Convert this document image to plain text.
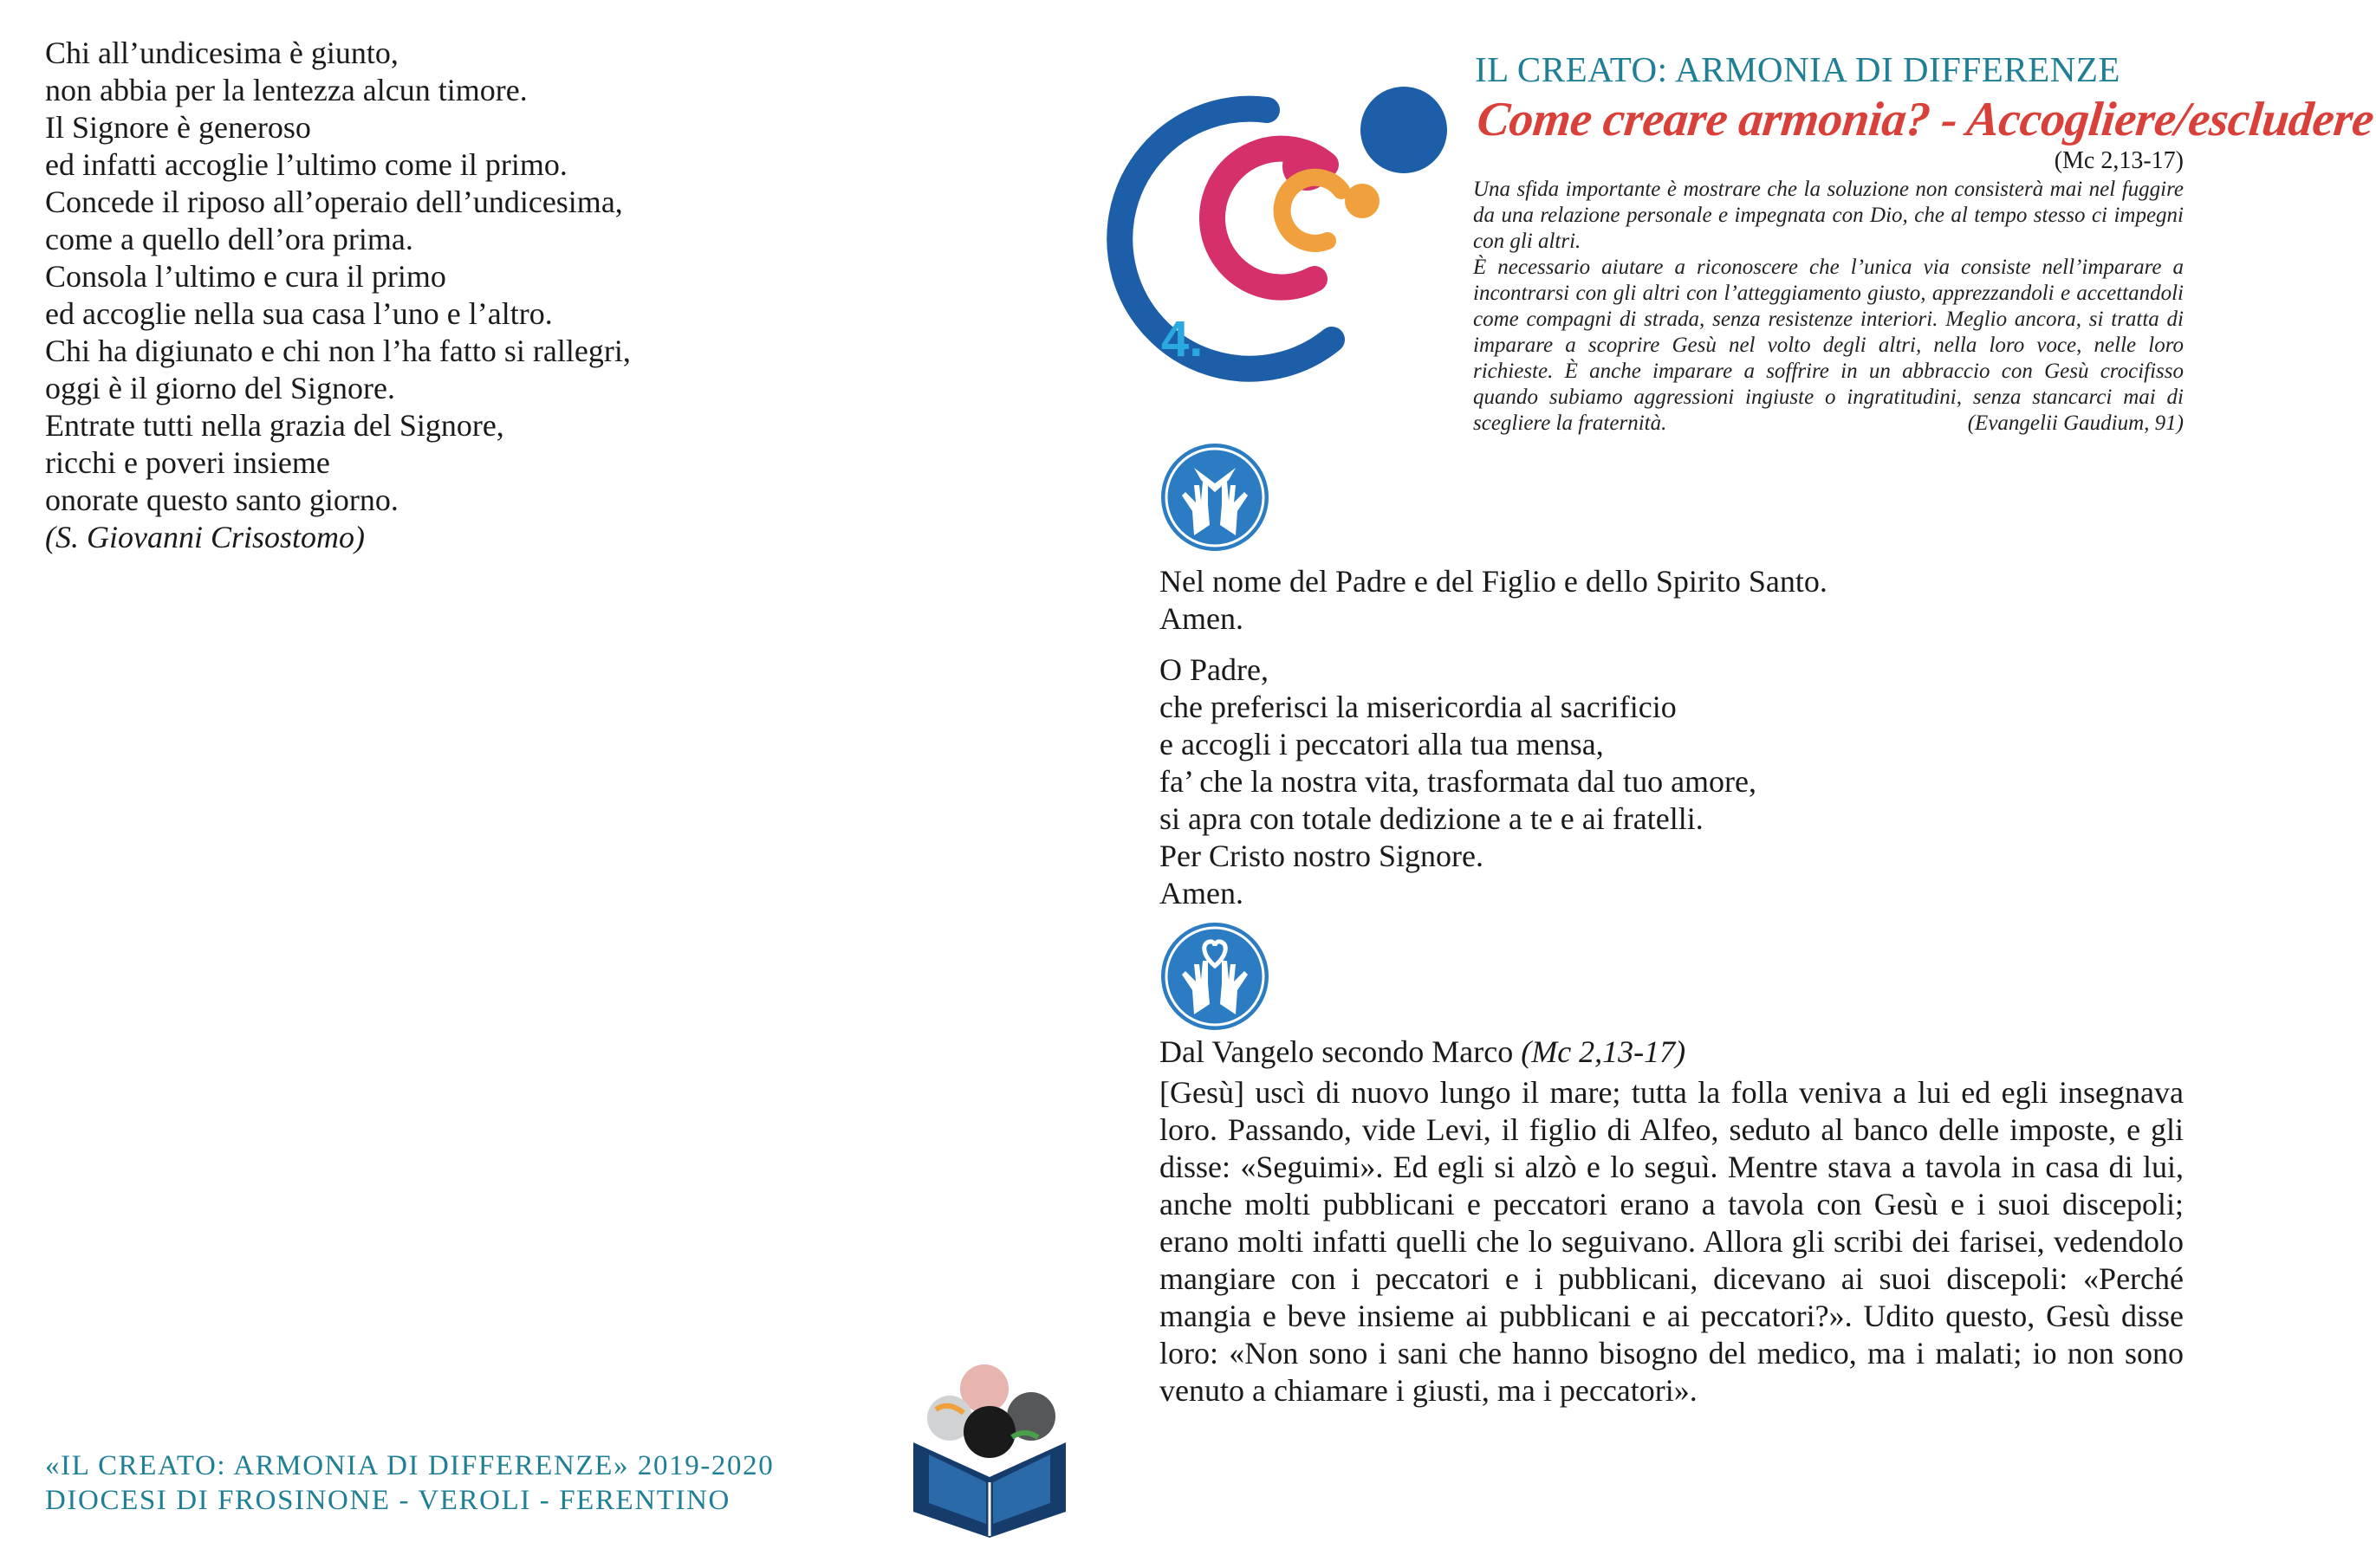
Chi all’undicesima è giunto,
non abbia per la lentezza alcun timore.
Il Signore è generoso
ed infatti accoglie l’ultimo come il primo.
Concede il riposo all’operaio dell’undicesima,
come a quello dell’ora prima.
Consola l’ultimo e cura il primo
ed accoglie nella sua casa l’uno e l’altro.
Chi ha digiunato e chi non l’ha fatto si rallegri,
oggi è il giorno del Signore.
Entrate tutti nella grazia del Signore,
ricchi e poveri insieme
onorate questo santo giorno.
(S. Giovanni Crisostomo)
«IL CREATO: ARMONIA DI DIFFERENZE» 2019-2020
DIOCESI DI FROSINONE - VEROLI - FERENTINO
4.
IL CREATO: ARMONIA DI DIFFERENZE
Come creare armonia? - Accogliere/escludere
(Mc 2,13-17)

Una sfida importante è mostrare che la soluzione non consisterà mai nel fuggire da una relazione personale e impegnata con Dio, che al tempo stesso ci impegni con gli altri.

È necessario aiutare a riconoscere che l’unica via consiste nell’imparare a incontrarsi con gli altri con l’atteggiamento giusto, apprezzandoli e accettandoli come compagni di strada, senza resistenze interiori. Meglio ancora, si tratta di imparare a scoprire Gesù nel volto degli altri, nella loro voce, nelle loro richieste. È anche imparare a soffrire in un abbraccio con Gesù crocifisso quando subiamo aggressioni ingiuste o ingratitudini, senza stancarci mai di scegliere la fraternità.	(Evangelii Gaudium, 91)
Nel nome del Padre e del Figlio e dello Spirito Santo.
Amen.
O Padre,
che preferisci la misericordia al sacrificio
e accogli i peccatori alla tua mensa,
fa’ che la nostra vita, trasformata dal tuo amore,
si apra con totale dedizione a te e ai fratelli.
Per Cristo nostro Signore.
Amen.
Dal Vangelo secondo Marco (Mc 2,13-17)
[Gesù] uscì di nuovo lungo il mare; tutta la folla veniva a lui ed egli insegnava loro. Passando, vide Levi, il figlio di Alfeo, seduto al banco delle imposte, e gli disse: «Seguimi». Ed egli si alzò e lo seguì. Mentre stava a tavola in casa di lui, anche molti pubblicani e peccatori erano a tavola con Gesù e i suoi discepoli; erano molti infatti quelli che lo seguivano. Allora gli scribi dei farisei, vedendolo mangiare con i peccatori e i pubblicani, dicevano ai suoi discepoli: «Perché mangia e beve insieme ai pubblicani e ai peccatori?». Udito questo, Gesù disse loro: «Non sono i sani che hanno bisogno del medico, ma i malati; io non sono venuto a chiamare i giusti, ma i peccatori».
